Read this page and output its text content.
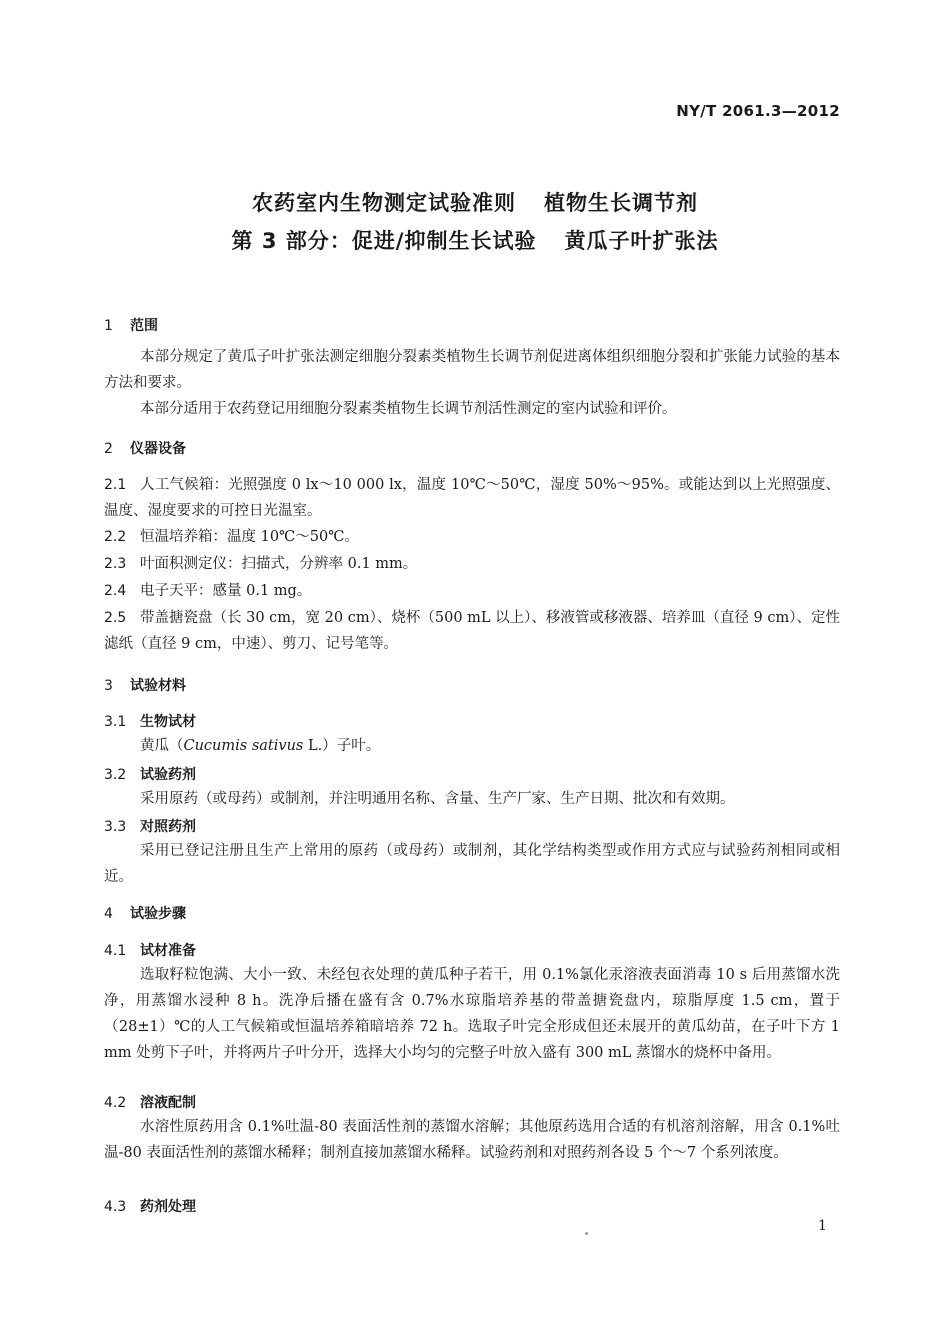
NY/T 2061.3—2012
农药室内生物测定试验准则 植物生长调节剂
第 3 部分：促进/抑制生长试验 黄瓜子叶扩张法
1 范围
本部分规定了黄瓜子叶扩张法测定细胞分裂素类植物生长调节剂促进离体组织细胞分裂和扩张能力试验的基本方法和要求。
本部分适用于农药登记用细胞分裂素类植物生长调节剂活性测定的室内试验和评价。
2 仪器设备
2.1 人工气候箱：光照强度 0 lx～10 000 lx，温度 10℃～50℃，湿度 50%～95%。或能达到以上光照强度、温度、湿度要求的可控日光温室。
2.2 恒温培养箱：温度 10℃～50℃。
2.3 叶面积测定仪：扫描式，分辨率 0.1 mm。
2.4 电子天平：感量 0.1 mg。
2.5 带盖搪瓷盘（长 30 cm，宽 20 cm）、烧杯（500 mL 以上）、移液管或移液器、培养皿（直径 9 cm）、定性滤纸（直径 9 cm，中速）、剪刀、记号笔等。
3 试验材料
3.1 生物试材
黄瓜（Cucumis sativus L.）子叶。
3.2 试验药剂
采用原药（或母药）或制剂，并注明通用名称、含量、生产厂家、生产日期、批次和有效期。
3.3 对照药剂
采用已登记注册且生产上常用的原药（或母药）或制剂，其化学结构类型或作用方式应与试验药剂相同或相近。
4 试验步骤
4.1 试材准备
选取籽粒饱满、大小一致、未经包衣处理的黄瓜种子若干，用 0.1%氯化汞溶液表面消毒 10 s 后用蒸馏水洗净，用蒸馏水浸种 8 h。洗净后播在盛有含 0.7%水琼脂培养基的带盖搪瓷盘内，琼脂厚度 1.5 cm，置于（28±1）℃的人工气候箱或恒温培养箱暗培养 72 h。选取子叶完全形成但还未展开的黄瓜幼苗，在子叶下方 1 mm 处剪下子叶，并将两片子叶分开，选择大小均匀的完整子叶放入盛有 300 mL 蒸馏水的烧杯中备用。
4.2 溶液配制
水溶性原药用含 0.1%吐温-80 表面活性剂的蒸馏水溶解；其他原药选用合适的有机溶剂溶解，用含 0.1%吐温-80 表面活性剂的蒸馏水稀释；制剂直接加蒸馏水稀释。试验药剂和对照药剂各设 5 个～7 个系列浓度。
4.3 药剂处理
1
